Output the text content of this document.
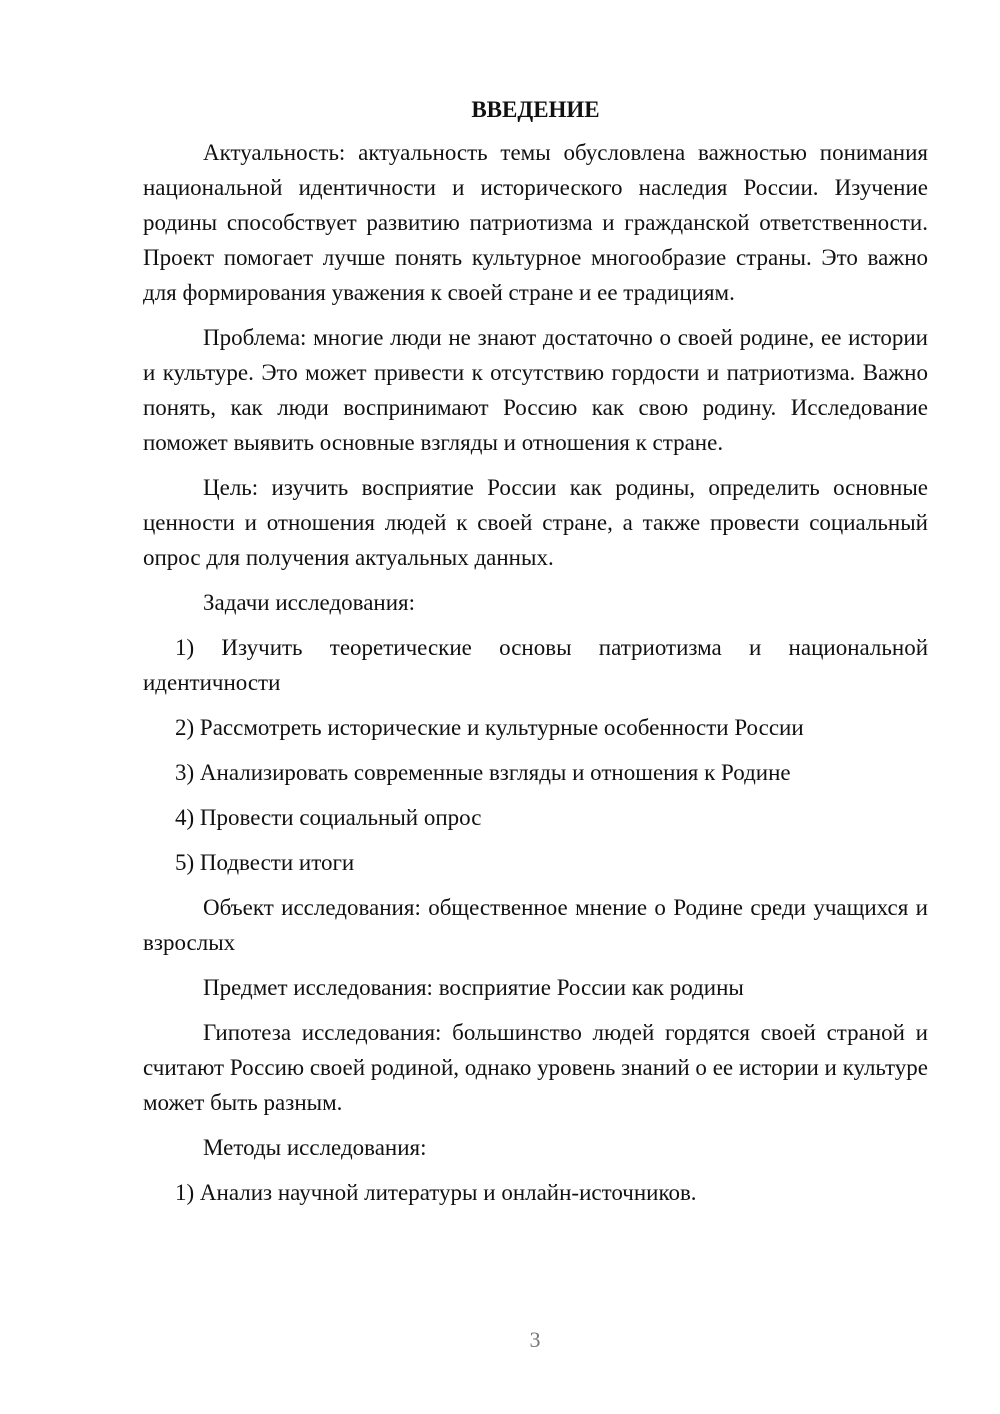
ВВЕДЕНИЕ

Актуальность: актуальность темы обусловлена важностью понимания национальной идентичности и исторического наследия России. Изучение родины способствует развитию патриотизма и гражданской ответственности. Проект помогает лучше понять культурное многообразие страны. Это важно для формирования уважения к своей стране и ее традициям.

Проблема: многие люди не знают достаточно о своей родине, ее истории и культуре. Это может привести к отсутствию гордости и патриотизма. Важно понять, как люди воспринимают Россию как свою родину. Исследование поможет выявить основные взгляды и отношения к стране.

Цель: изучить восприятие России как родины, определить основные ценности и отношения людей к своей стране, а также провести социальный опрос для получения актуальных данных.

Задачи исследования:

1) Изучить теоретические основы патриотизма и национальной идентичности

2) Рассмотреть исторические и культурные особенности России

3) Анализировать современные взгляды и отношения к Родине

4) Провести социальный опрос

5) Подвести итоги

Объект исследования: общественное мнение о Родине среди учащихся и взрослых

Предмет исследования: восприятие России как родины

Гипотеза исследования: большинство людей гордятся своей страной и считают Россию своей родиной, однако уровень знаний о ее истории и культуре может быть разным.

Методы исследования:

1) Анализ научной литературы и онлайн-источников.

3
